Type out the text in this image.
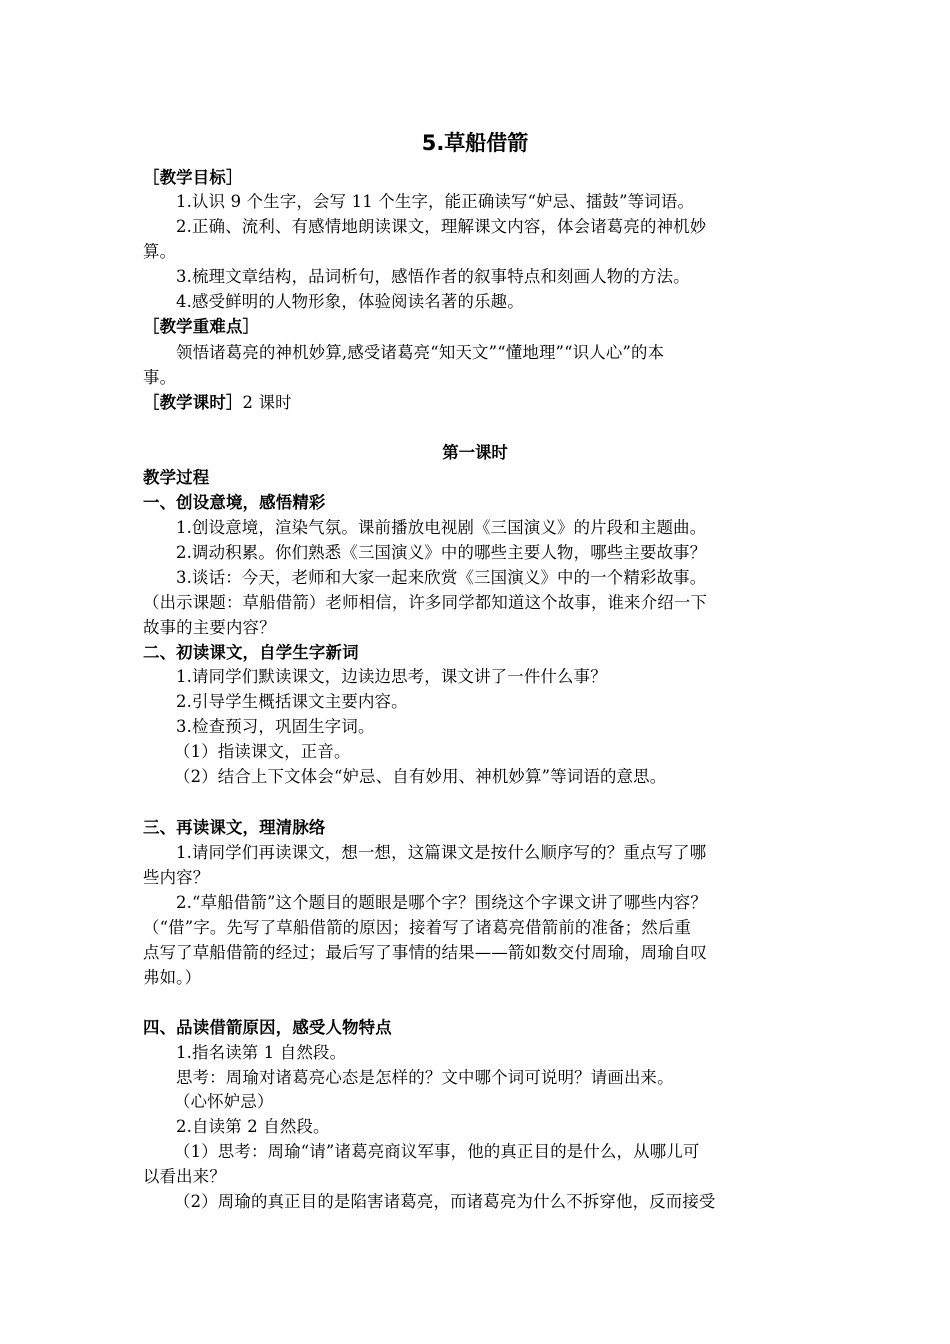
5.草船借箭
［教学目标］
1.认识 9 个生字，会写 11 个生字，能正确读写“妒忌、擂鼓”等词语。
2.正确、流利、有感情地朗读课文，理解课文内容，体会诸葛亮的神机妙
算。
3.梳理文章结构，品词析句，感悟作者的叙事特点和刻画人物的方法。
4.感受鲜明的人物形象，体验阅读名著的乐趣。
［教学重难点］
领悟诸葛亮的神机妙算,感受诸葛亮“知天文”“懂地理”“识人心”的本
事。
［教学课时］2 课时
第一课时
教学过程
一、创设意境，感悟精彩
1.创设意境，渲染气氛。课前播放电视剧《三国演义》的片段和主题曲。
2.调动积累。你们熟悉《三国演义》中的哪些主要人物，哪些主要故事？
3.谈话：今天，老师和大家一起来欣赏《三国演义》中的一个精彩故事。
（出示课题：草船借箭）老师相信，许多同学都知道这个故事，谁来介绍一下
故事的主要内容？
二、初读课文，自学生字新词
1.请同学们默读课文，边读边思考，课文讲了一件什么事？
2.引导学生概括课文主要内容。
3.检查预习，巩固生字词。
（1）指读课文，正音。
（2）结合上下文体会“妒忌、自有妙用、神机妙算”等词语的意思。
三、再读课文，理清脉络
1.请同学们再读课文，想一想，这篇课文是按什么顺序写的？重点写了哪
些内容？
2.“草船借箭”这个题目的题眼是哪个字？围绕这个字课文讲了哪些内容？
（“借”字。先写了草船借箭的原因；接着写了诸葛亮借箭前的准备；然后重
点写了草船借箭的经过；最后写了事情的结果——箭如数交付周瑜，周瑜自叹
弗如。）
四、品读借箭原因，感受人物特点
1.指名读第 1 自然段。
思考：周瑜对诸葛亮心态是怎样的？文中哪个词可说明？请画出来。
（心怀妒忌）
2.自读第 2 自然段。
（1）思考：周瑜“请”诸葛亮商议军事，他的真正目的是什么，从哪儿可
以看出来？
（2）周瑜的真正目的是陷害诸葛亮，而诸葛亮为什么不拆穿他，反而接受
